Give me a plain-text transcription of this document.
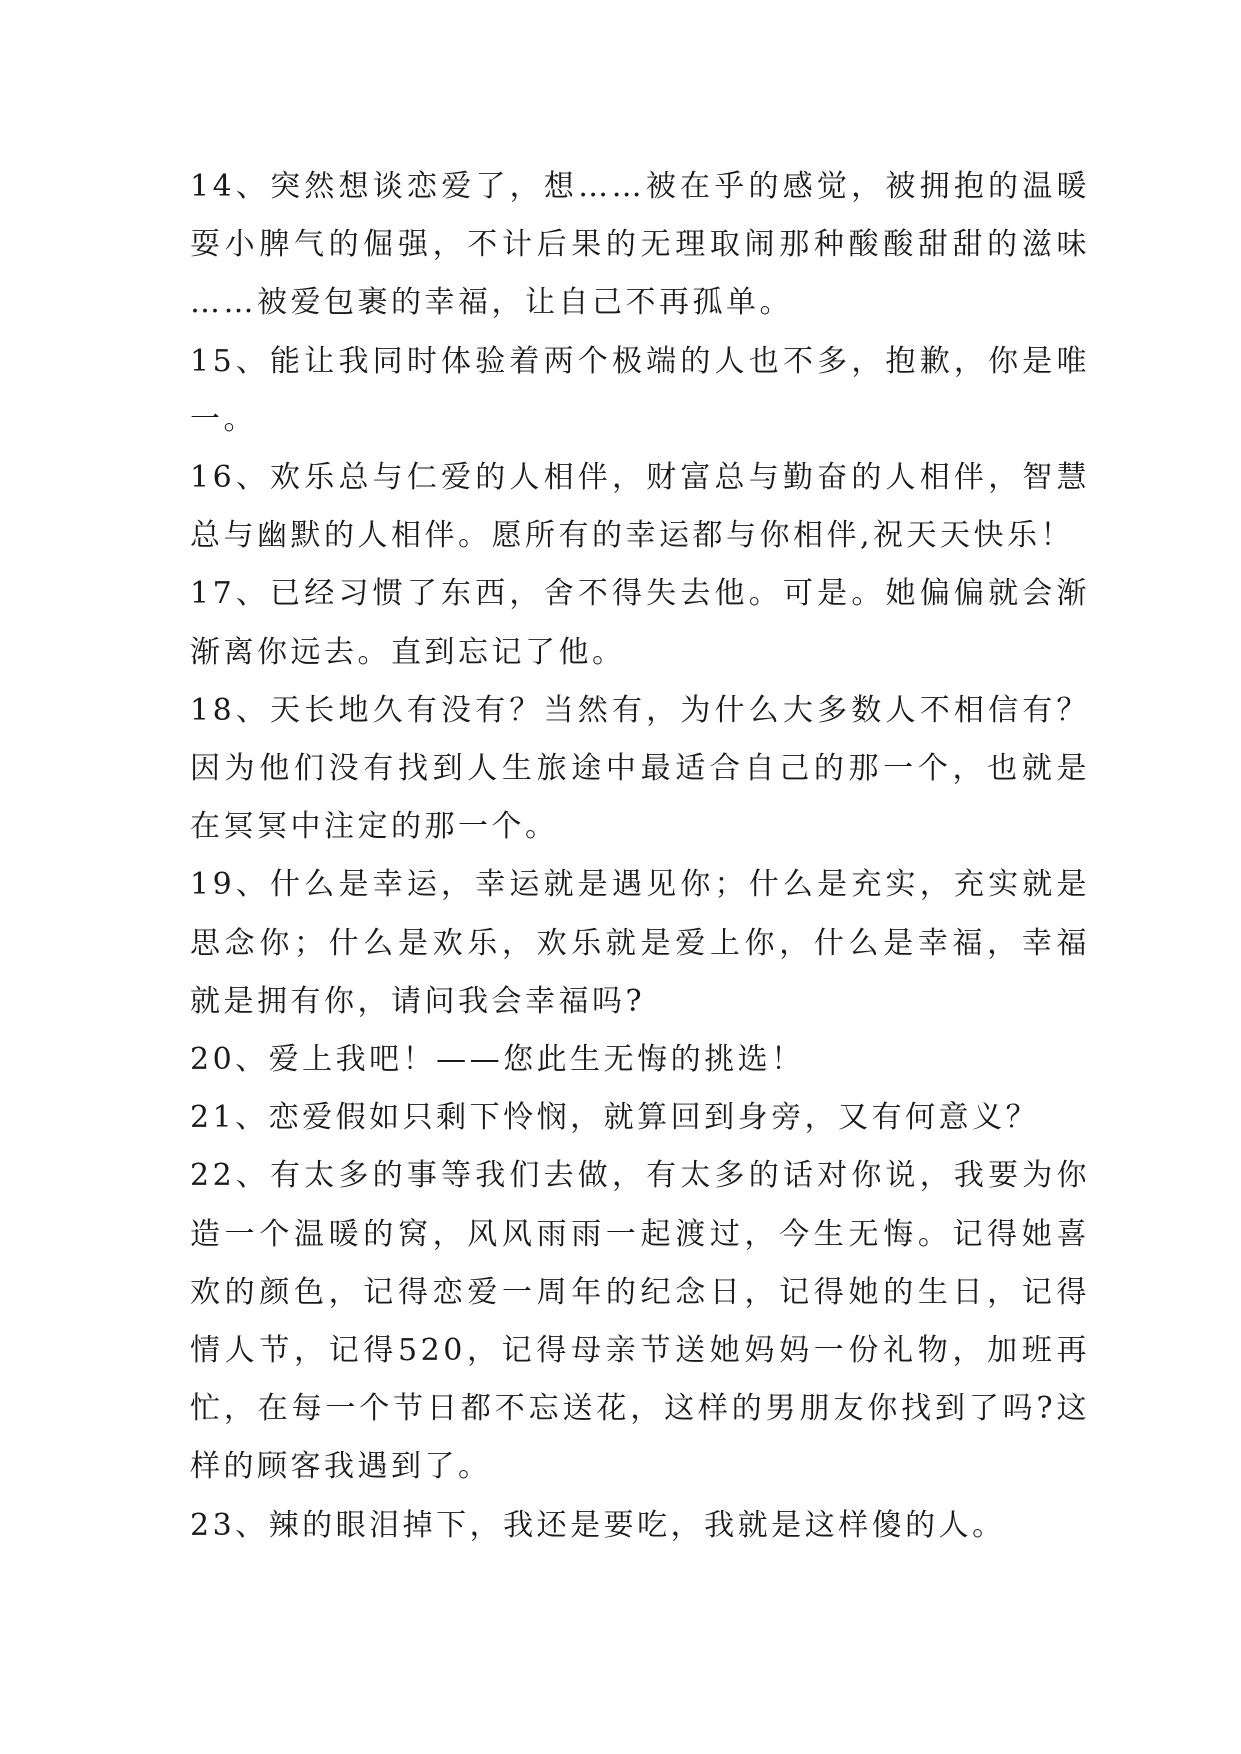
14、突然想谈恋爱了，想……被在乎的感觉，被拥抱的温暖耍小脾气的倔强，不计后果的无理取闹那种酸酸甜甜的滋味……被爱包裹的幸福，让自己不再孤单。

15、能让我同时体验着两个极端的人也不多，抱歉，你是唯一。

16、欢乐总与仁爱的人相伴，财富总与勤奋的人相伴，智慧总与幽默的人相伴。愿所有的幸运都与你相伴,祝天天快乐！

17、已经习惯了东西，舍不得失去他。可是。她偏偏就会渐渐离你远去。直到忘记了他。

18、天长地久有没有？当然有，为什么大多数人不相信有？因为他们没有找到人生旅途中最适合自己的那一个，也就是在冥冥中注定的那一个。

19、什么是幸运，幸运就是遇见你；什么是充实，充实就是思念你；什么是欢乐，欢乐就是爱上你，什么是幸福，幸福就是拥有你，请问我会幸福吗?

20、爱上我吧！——您此生无悔的挑选！

21、恋爱假如只剩下怜悯，就算回到身旁，又有何意义？

22、有太多的事等我们去做，有太多的话对你说，我要为你造一个温暖的窝，风风雨雨一起渡过，今生无悔。记得她喜欢的颜色，记得恋爱一周年的纪念日，记得她的生日，记得情人节，记得520，记得母亲节送她妈妈一份礼物，加班再忙，在每一个节日都不忘送花，这样的男朋友你找到了吗?这样的顾客我遇到了。

23、辣的眼泪掉下，我还是要吃，我就是这样傻的人。
